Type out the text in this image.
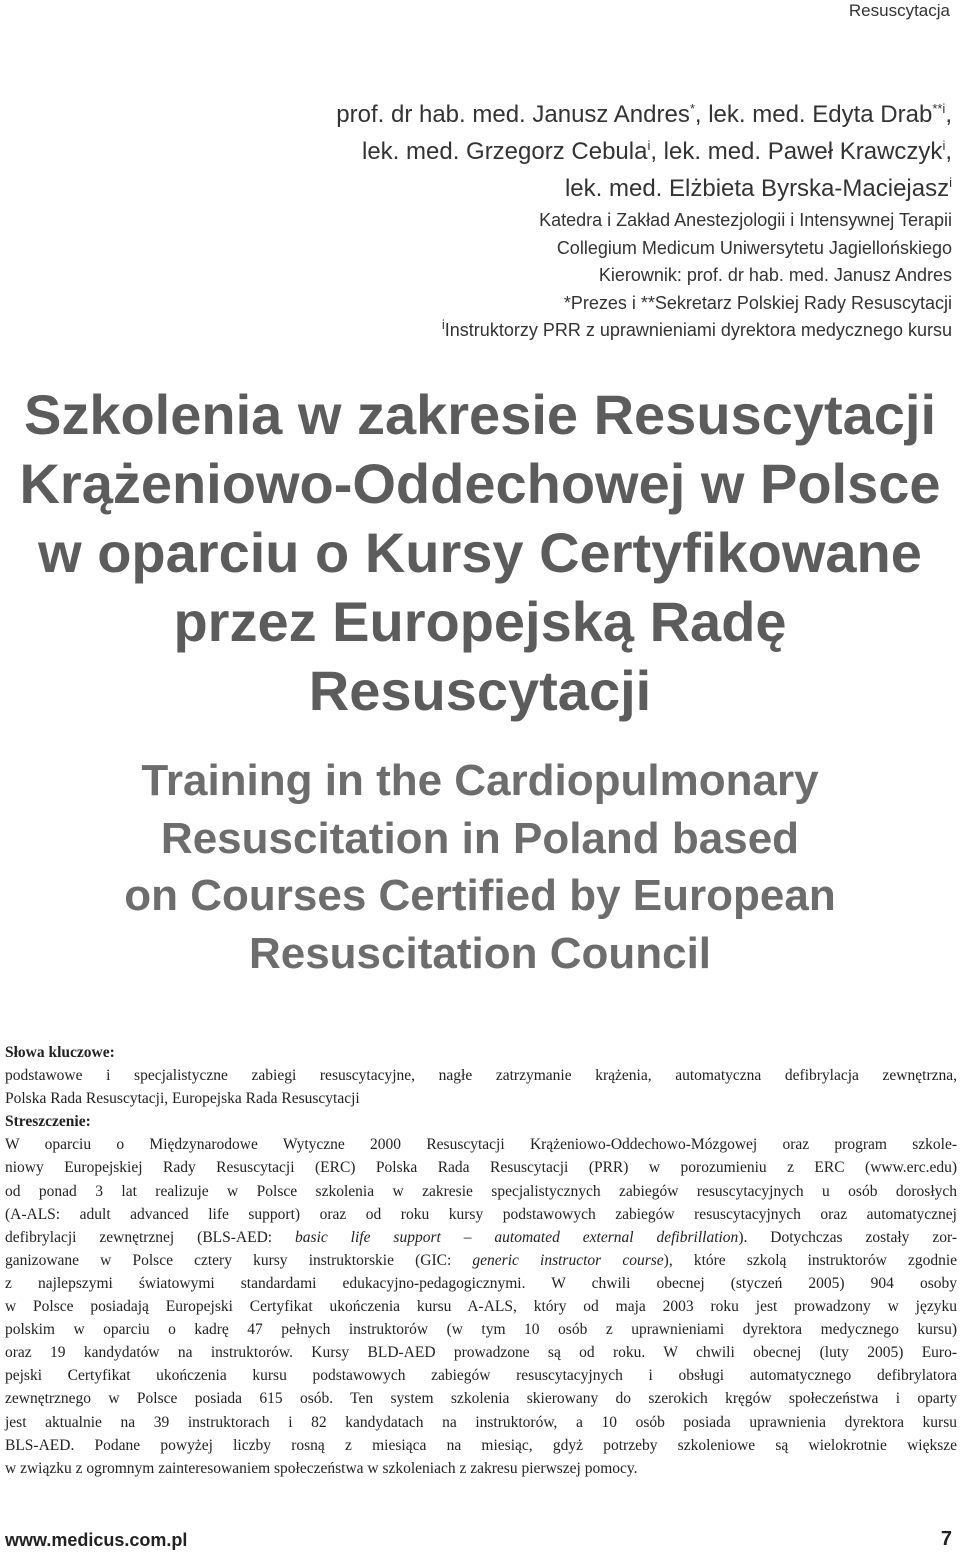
Resuscytacja
prof. dr hab. med. Janusz Andres*, lek. med. Edyta Drab$^{**i}$,
lek. med. Grzegorz Cebula$^i$, lek. med. Paweł Krawczyk$^i$,
lek. med. Elżbieta Byrska-Maciejasz$^i$
Katedra i Zakład Anestezjologii i Intensywnej Terapii
Collegium Medicum Uniwersytetu Jagiellońskiego
Kierownik: prof. dr hab. med. Janusz Andres
*Prezes i **Sekretarz Polskiej Rady Resuscytacji
$^i$Instruktorzy PRR z uprawnieniami dyrektora medycznego kursu
Szkolenia w zakresie Resuscytacji
Krążeniowo-Oddechowej w Polsce
w oparciu o Kursy Certyfikowane
przez Europejską Radę
Resuscytacji
Training in the Cardiopulmonary
Resuscitation in Poland based
on Courses Certified by European
Resuscitation Council
Słowa kluczowe:
podstawowe i specjalistyczne zabiegi resuscytacyjne, nagłe zatrzymanie krążenia, automatyczna defibrylacja zewnętrzna,
Polska Rada Resuscytacji, Europejska Rada Resuscytacji
Streszczenie:
W oparciu o Międzynarodowe Wytyczne 2000 Resuscytacji Krążeniowo-Oddechowo-Mózgowej oraz program szkole-
niowy Europejskiej Rady Resuscytacji (ERC) Polska Rada Resuscytacji (PRR) w porozumieniu z ERC (www.erc.edu)
od ponad 3 lat realizuje w Polsce szkolenia w zakresie specjalistycznych zabiegów resuscytacyjnych u osób dorosłych
(A-ALS: adult advanced life support) oraz od roku kursy podstawowych zabiegów resuscytacyjnych oraz automatycznej
defibrylacji zewnętrznej (BLS-AED: basic life support – automated external defibrillation). Dotychczas zostały zor-
ganizowane w Polsce cztery kursy instruktorskie (GIC: generic instructor course), które szkolą instruktorów zgodnie
z najlepszymi światowymi standardami edukacyjno-pedagogicznymi. W chwili obecnej (styczeń 2005) 904 osoby
w Polsce posiadają Europejski Certyfikat ukończenia kursu A-ALS, który od maja 2003 roku jest prowadzony w języku
polskim w oparciu o kadrę 47 pełnych instruktorów (w tym 10 osób z uprawnieniami dyrektora medycznego kursu)
oraz 19 kandydatów na instruktorów. Kursy BLD-AED prowadzone są od roku. W chwili obecnej (luty 2005) Euro-
pejski Certyfikat ukończenia kursu podstawowych zabiegów resuscytacyjnych i obsługi automatycznego defibrylatora
zewnętrznego w Polsce posiada 615 osób. Ten system szkolenia skierowany do szerokich kręgów społeczeństwa i oparty
jest aktualnie na 39 instruktorach i 82 kandydatach na instruktorów, a 10 osób posiada uprawnienia dyrektora kursu
BLS-AED. Podane powyżej liczby rosną z miesiąca na miesiąc, gdyż potrzeby szkoleniowe są wielokrotnie większe
w związku z ogromnym zainteresowaniem społeczeństwa w szkoleniach z zakresu pierwszej pomocy.
www.medicus.com.pl	7
